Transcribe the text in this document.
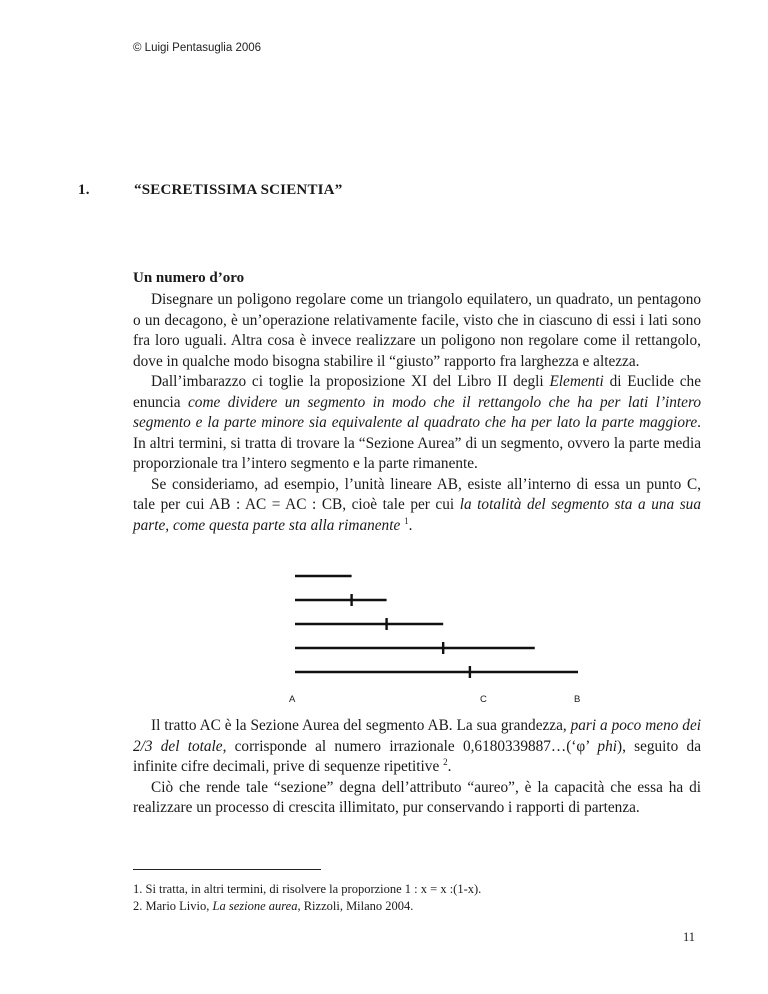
© Luigi Pentasuglia 2006
1.	“SECRETISSIMA SCIENTIA”
Un numero d’oro

Disegnare un poligono regolare come un triangolo equilatero, un quadrato, un pentagono o un decagono, è un’operazione relativamente facile, visto che in ciascuno di essi i lati sono fra loro uguali. Altra cosa è invece realizzare un poligono non regolare come il rettangolo, dove in qualche modo bisogna stabilire il “giusto” rapporto fra larghezza e altezza.

Dall’imbarazzo ci toglie la proposizione XI del Libro II degli Elementi di Euclide che enuncia come dividere un segmento in modo che il rettangolo che ha per lati l’intero segmento e la parte minore sia equivalente al quadrato che ha per lato la parte maggiore. In altri termini, si tratta di trovare la “Sezione Aurea” di un segmento, ovvero la parte media proporzionale tra l’intero segmento e la parte rimanente.

Se consideriamo, ad esempio, l’unità lineare AB, esiste all’interno di essa un punto C, tale per cui AB : AC = AC : CB, cioè tale per cui la totalità del segmento sta a una sua parte, come questa parte sta alla rimanente $^1$.

A	C	B

Il tratto AC è la Sezione Aurea del segmento AB. La sua grandezza, pari a poco meno dei 2/3 del totale, corrisponde al numero irrazionale 0,6180339887…(‘φ’ phi), seguito da infinite cifre decimali, prive di sequenze ripetitive $^2$.

Ciò che rende tale “sezione” degna dell’attributo “aureo”, è la capacità che essa ha di realizzare un processo di crescita illimitato, pur conservando i rapporti di partenza.

1. Si tratta, in altri termini, di risolvere la proporzione 1 : x = x :(1-x).
2. Mario Livio, La sezione aurea, Rizzoli, Milano 2004.
11
